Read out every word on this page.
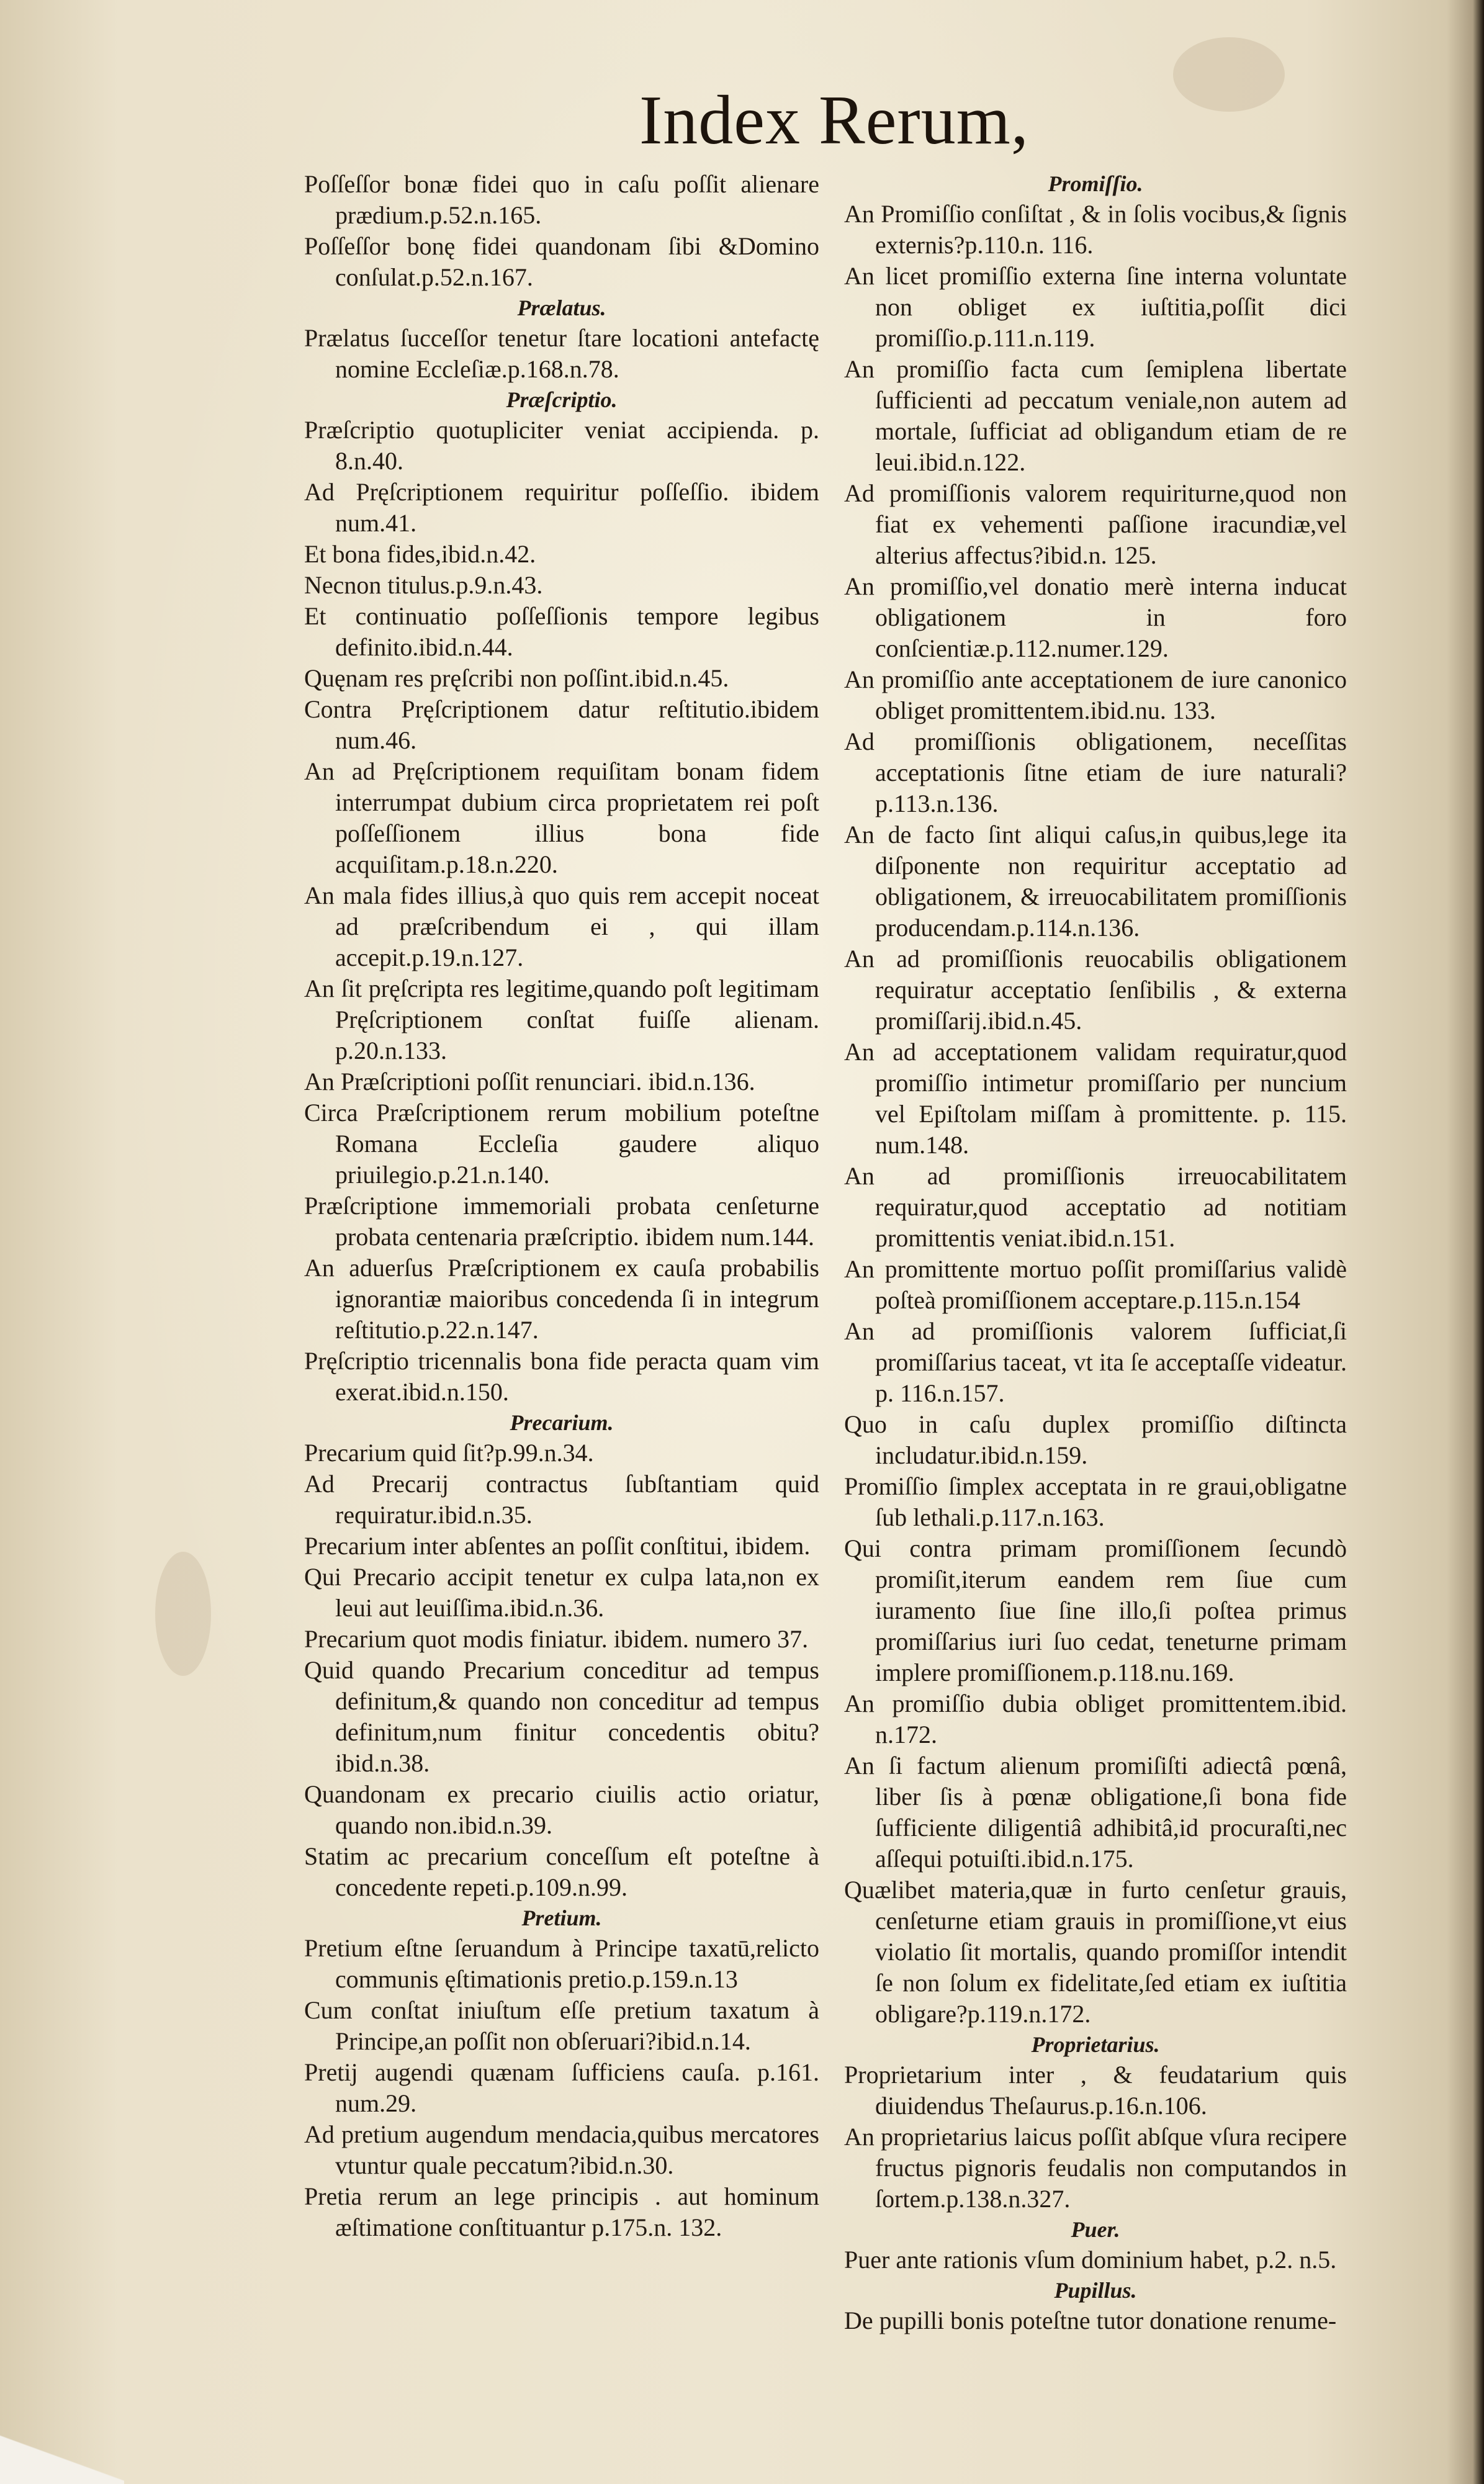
Index Rerum,
Poſſeſſor bonæ fidei quo in caſu poſſit alienare prædium.p.52.n.165.
Poſſeſſor bonę fidei quandonam ſibi &Domino conſulat.p.52.n.167.
Prælatus.
Prælatus ſucceſſor tenetur ſtare locationi antefactę nomine Eccleſiæ.p.168.n.78.
Præſcriptio.
Præſcriptio quotupliciter veniat accipienda. p. 8.n.40.
Ad Pręſcriptionem requiritur poſſeſſio. ibidem num.41.
Et bona fides,ibid.n.42.
Necnon titulus.p.9.n.43.
Et continuatio poſſeſſionis tempore legibus definito.ibid.n.44.
Quęnam res pręſcribi non poſſint.ibid.n.45.
Contra Pręſcriptionem datur reſtitutio.ibidem num.46.
An ad Pręſcriptionem requiſitam bonam fidem interrumpat dubium circa proprietatem rei poſt poſſeſſionem illius bona fide acquiſitam.p.18.n.220.
An mala fides illius,à quo quis rem accepit noceat ad præſcribendum ei , qui illam accepit.p.19.n.127.
An ſit pręſcripta res legitime,quando poſt legitimam Pręſcriptionem conſtat fuiſſe alienam. p.20.n.133.
An Præſcriptioni poſſit renunciari. ibid.n.136.
Circa Præſcriptionem rerum mobilium poteſtne Romana Eccleſia gaudere aliquo priuilegio.p.21.n.140.
Præſcriptione immemoriali probata cenſeturne probata centenaria præſcriptio. ibidem num.144.
An aduerſus Præſcriptionem ex cauſa probabilis ignorantiæ maioribus concedenda ſi in integrum reſtitutio.p.22.n.147.
Pręſcriptio tricennalis bona fide peracta quam vim exerat.ibid.n.150.
Precarium.
Precarium quid ſit?p.99.n.34.
Ad Precarij contractus ſubſtantiam quid requiratur.ibid.n.35.
Precarium inter abſentes an poſſit conſtitui, ibidem.
Qui Precario accipit tenetur ex culpa lata,non ex leui aut leuiſſima.ibid.n.36.
Precarium quot modis finiatur. ibidem. numero 37.
Quid quando Precarium conceditur ad tempus definitum,& quando non conceditur ad tempus definitum,num finitur concedentis obitu? ibid.n.38.
Quandonam ex precario ciuilis actio oriatur, quando non.ibid.n.39.
Statim ac precarium conceſſum eſt poteſtne à concedente repeti.p.109.n.99.
Pretium.
Pretium eſtne ſeruandum à Principe taxatū,relicto communis ęſtimationis pretio.p.159.n.13
Cum conſtat iniuſtum eſſe pretium taxatum à Principe,an poſſit non obſeruari?ibid.n.14.
Pretij augendi quænam ſufficiens cauſa. p.161. num.29.
Ad pretium augendum mendacia,quibus mercatores vtuntur quale peccatum?ibid.n.30.
Pretia rerum an lege principis . aut hominum æſtimatione conſtituantur p.175.n. 132.
Promiſſio.
An Promiſſio conſiſtat , & in ſolis vocibus,& ſignis externis?p.110.n. 116.
An licet promiſſio externa ſine interna voluntate non obliget ex iuſtitia,poſſit dici promiſſio.p.111.n.119.
An promiſſio facta cum ſemiplena libertate ſufficienti ad peccatum veniale,non autem ad mortale, ſufficiat ad obligandum etiam de re leui.ibid.n.122.
Ad promiſſionis valorem requiriturne,quod non fiat ex vehementi paſſione iracundiæ,vel alterius affectus?ibid.n. 125.
An promiſſio,vel donatio merè interna inducat obligationem in foro conſcientiæ.p.112.numer.129.
An promiſſio ante acceptationem de iure canonico obliget promittentem.ibid.nu. 133.
Ad promiſſionis obligationem, neceſſitas acceptationis ſitne etiam de iure naturali?p.113.n.136.
An de facto ſint aliqui caſus,in quibus,lege ita diſponente non requiritur acceptatio ad obligationem, & irreuocabilitatem promiſſionis producendam.p.114.n.136.
An ad promiſſionis reuocabilis obligationem requiratur acceptatio ſenſibilis , & externa promiſſarij.ibid.n.45.
An ad acceptationem validam requiratur,quod promiſſio intimetur promiſſario per nuncium vel Epiſtolam miſſam à promittente. p. 115. num.148.
An ad promiſſionis irreuocabilitatem requiratur,quod acceptatio ad notitiam promittentis veniat.ibid.n.151.
An promittente mortuo poſſit promiſſarius validè poſteà promiſſionem acceptare.p.115.n.154
An ad promiſſionis valorem ſufficiat,ſi promiſſarius taceat, vt ita ſe acceptaſſe videatur. p. 116.n.157.
Quo in caſu duplex promiſſio diſtincta includatur.ibid.n.159.
Promiſſio ſimplex acceptata in re graui,obligatne ſub lethali.p.117.n.163.
Qui contra primam promiſſionem ſecundò promiſit,iterum eandem rem ſiue cum iuramento ſiue ſine illo,ſi poſtea primus promiſſarius iuri ſuo cedat, teneturne primam implere promiſſionem.p.118.nu.169.
An promiſſio dubia obliget promittentem.ibid. n.172.
An ſi factum alienum promiſiſti adiectâ pœnâ, liber ſis à pœnæ obligatione,ſi bona fide ſufficiente diligentiâ adhibitâ,id procuraſti,nec aſſequi potuiſti.ibid.n.175.
Quælibet materia,quæ in furto cenſetur grauis, cenſeturne etiam grauis in promiſſione,vt eius violatio ſit mortalis, quando promiſſor intendit ſe non ſolum ex fidelitate,ſed etiam ex iuſtitia obligare?p.119.n.172.
Proprietarius.
Proprietarium inter , & feudatarium quis diuidendus Theſaurus.p.16.n.106.
An proprietarius laicus poſſit abſque vſura recipere fructus pignoris feudalis non computandos in ſortem.p.138.n.327.
Puer.
Puer ante rationis vſum dominium habet, p.2. n.5.
Pupillus.
De pupilli bonis poteſtne tutor donatione renume-
